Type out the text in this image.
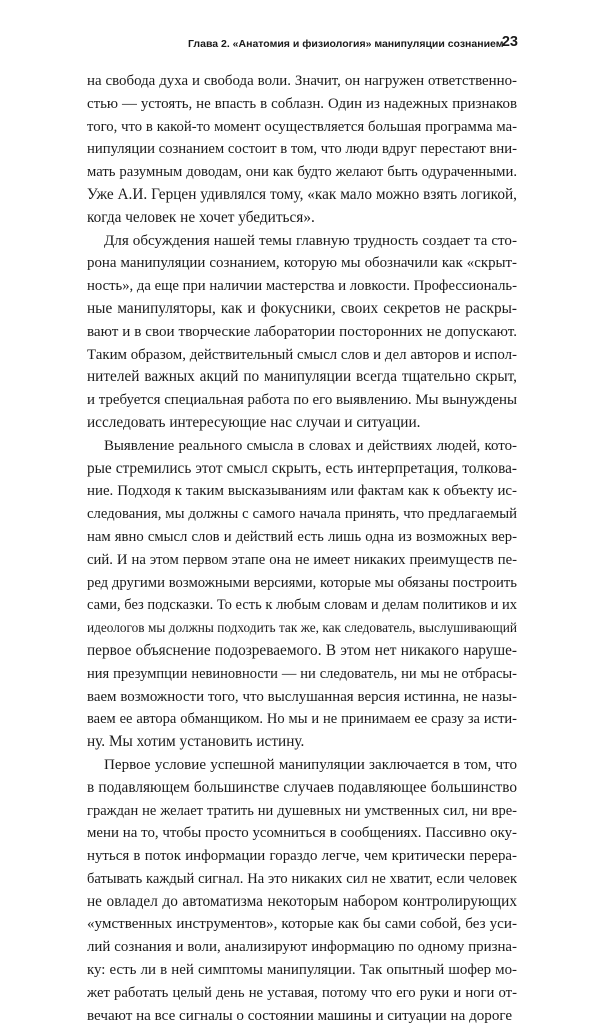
Глава 2. «Анатомия и физиология» манипуляции сознанием
23
на свобода духа и свобода воли. Значит, он нагружен ответственно-
стью — устоять, не впасть в соблазн. Один из надежных признаков
того, что в какой-то момент осуществляется большая программа ма-
нипуляции сознанием состоит в том, что люди вдруг перестают вни-
мать разумным доводам, они как будто желают быть одураченными.
Уже А.И. Герцен удивлялся тому, «как мало можно взять логикой,
когда человек не хочет убедиться».
Для обсуждения нашей темы главную трудность создает та сто-
рона манипуляции сознанием, которую мы обозначили как «скрыт-
ность», да еще при наличии мастерства и ловкости. Профессиональ-
ные манипуляторы, как и фокусники, своих секретов не раскры-
вают и в свои творческие лаборатории посторонних не допускают.
Таким образом, действительный смысл слов и дел авторов и испол-
нителей важных акций по манипуляции всегда тщательно скрыт,
и требуется специальная работа по его выявлению. Мы вынуждены
исследовать интересующие нас случаи и ситуации.
Выявление реального смысла в словах и действиях людей, кото-
рые стремились этот смысл скрыть, есть интерпретация, толкова-
ние. Подходя к таким высказываниям или фактам как к объекту ис-
следования, мы должны с самого начала принять, что предлагаемый
нам явно смысл слов и действий есть лишь одна из возможных вер-
сий. И на этом первом этапе она не имеет никаких преимуществ пе-
ред другими возможными версиями, которые мы обязаны построить
сами, без подсказки. То есть к любым словам и делам политиков и их
идеологов мы должны подходить так же, как следователь, выслушивающий
первое объяснение подозреваемого. В этом нет никакого наруше-
ния презумпции невиновности — ни следователь, ни мы не отбрасы-
ваем возможности того, что выслушанная версия истинна, не назы-
ваем ее автора обманщиком. Но мы и не принимаем ее сразу за исти-
ну. Мы хотим установить истину.
Первое условие успешной манипуляции заключается в том, что
в подавляющем большинстве случаев подавляющее большинство
граждан не желает тратить ни душевных ни умственных сил, ни вре-
мени на то, чтобы просто усомниться в сообщениях. Пассивно оку-
нуться в поток информации гораздо легче, чем критически перера-
батывать каждый сигнал. На это никаких сил не хватит, если человек
не овладел до автоматизма некоторым набором контролирующих
«умственных инструментов», которые как бы сами собой, без уси-
лий сознания и воли, анализируют информацию по одному призна-
ку: есть ли в ней симптомы манипуляции. Так опытный шофер мо-
жет работать целый день не уставая, потому что его руки и ноги от-
вечают на все сигналы о состоянии машины и ситуации на дороге
